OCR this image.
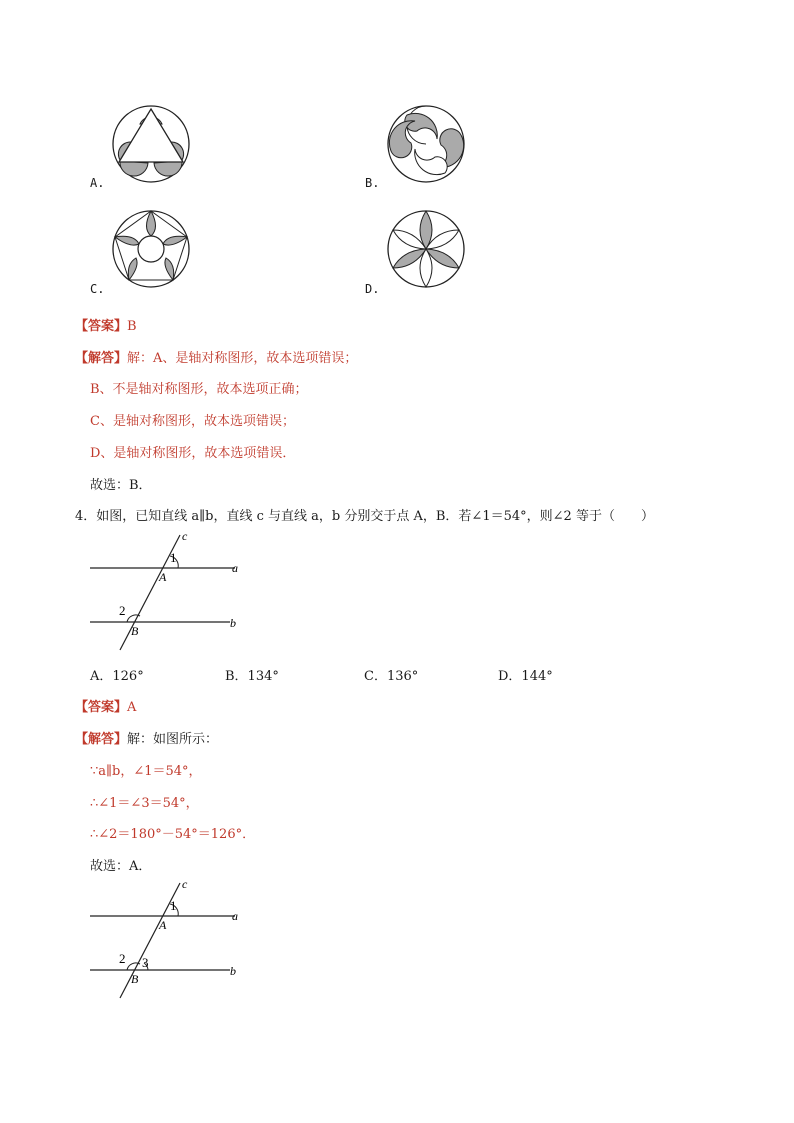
A.	B.
C.	D.
【答案】B
【解答】解：A、是轴对称图形，故本选项错误；
B、不是轴对称图形，故本选项正确；
C、是轴对称图形，故本选项错误；
D、是轴对称图形，故本选项错误．
故选：B．
4．如图，已知直线 a∥b，直线 c 与直线 a，b 分别交于点 A，B．若∠1＝54°，则∠2 等于（　　）
c
1
A
a
2
B
b
A．126°	B．134°	C．136°	D．144°
【答案】A
【解答】解：如图所示：
∵a∥b，∠1＝54°，
∴∠1＝∠3＝54°，
∴∠2＝180°－54°＝126°．
故选：A．
c
1
A
a
2 3
B
b
